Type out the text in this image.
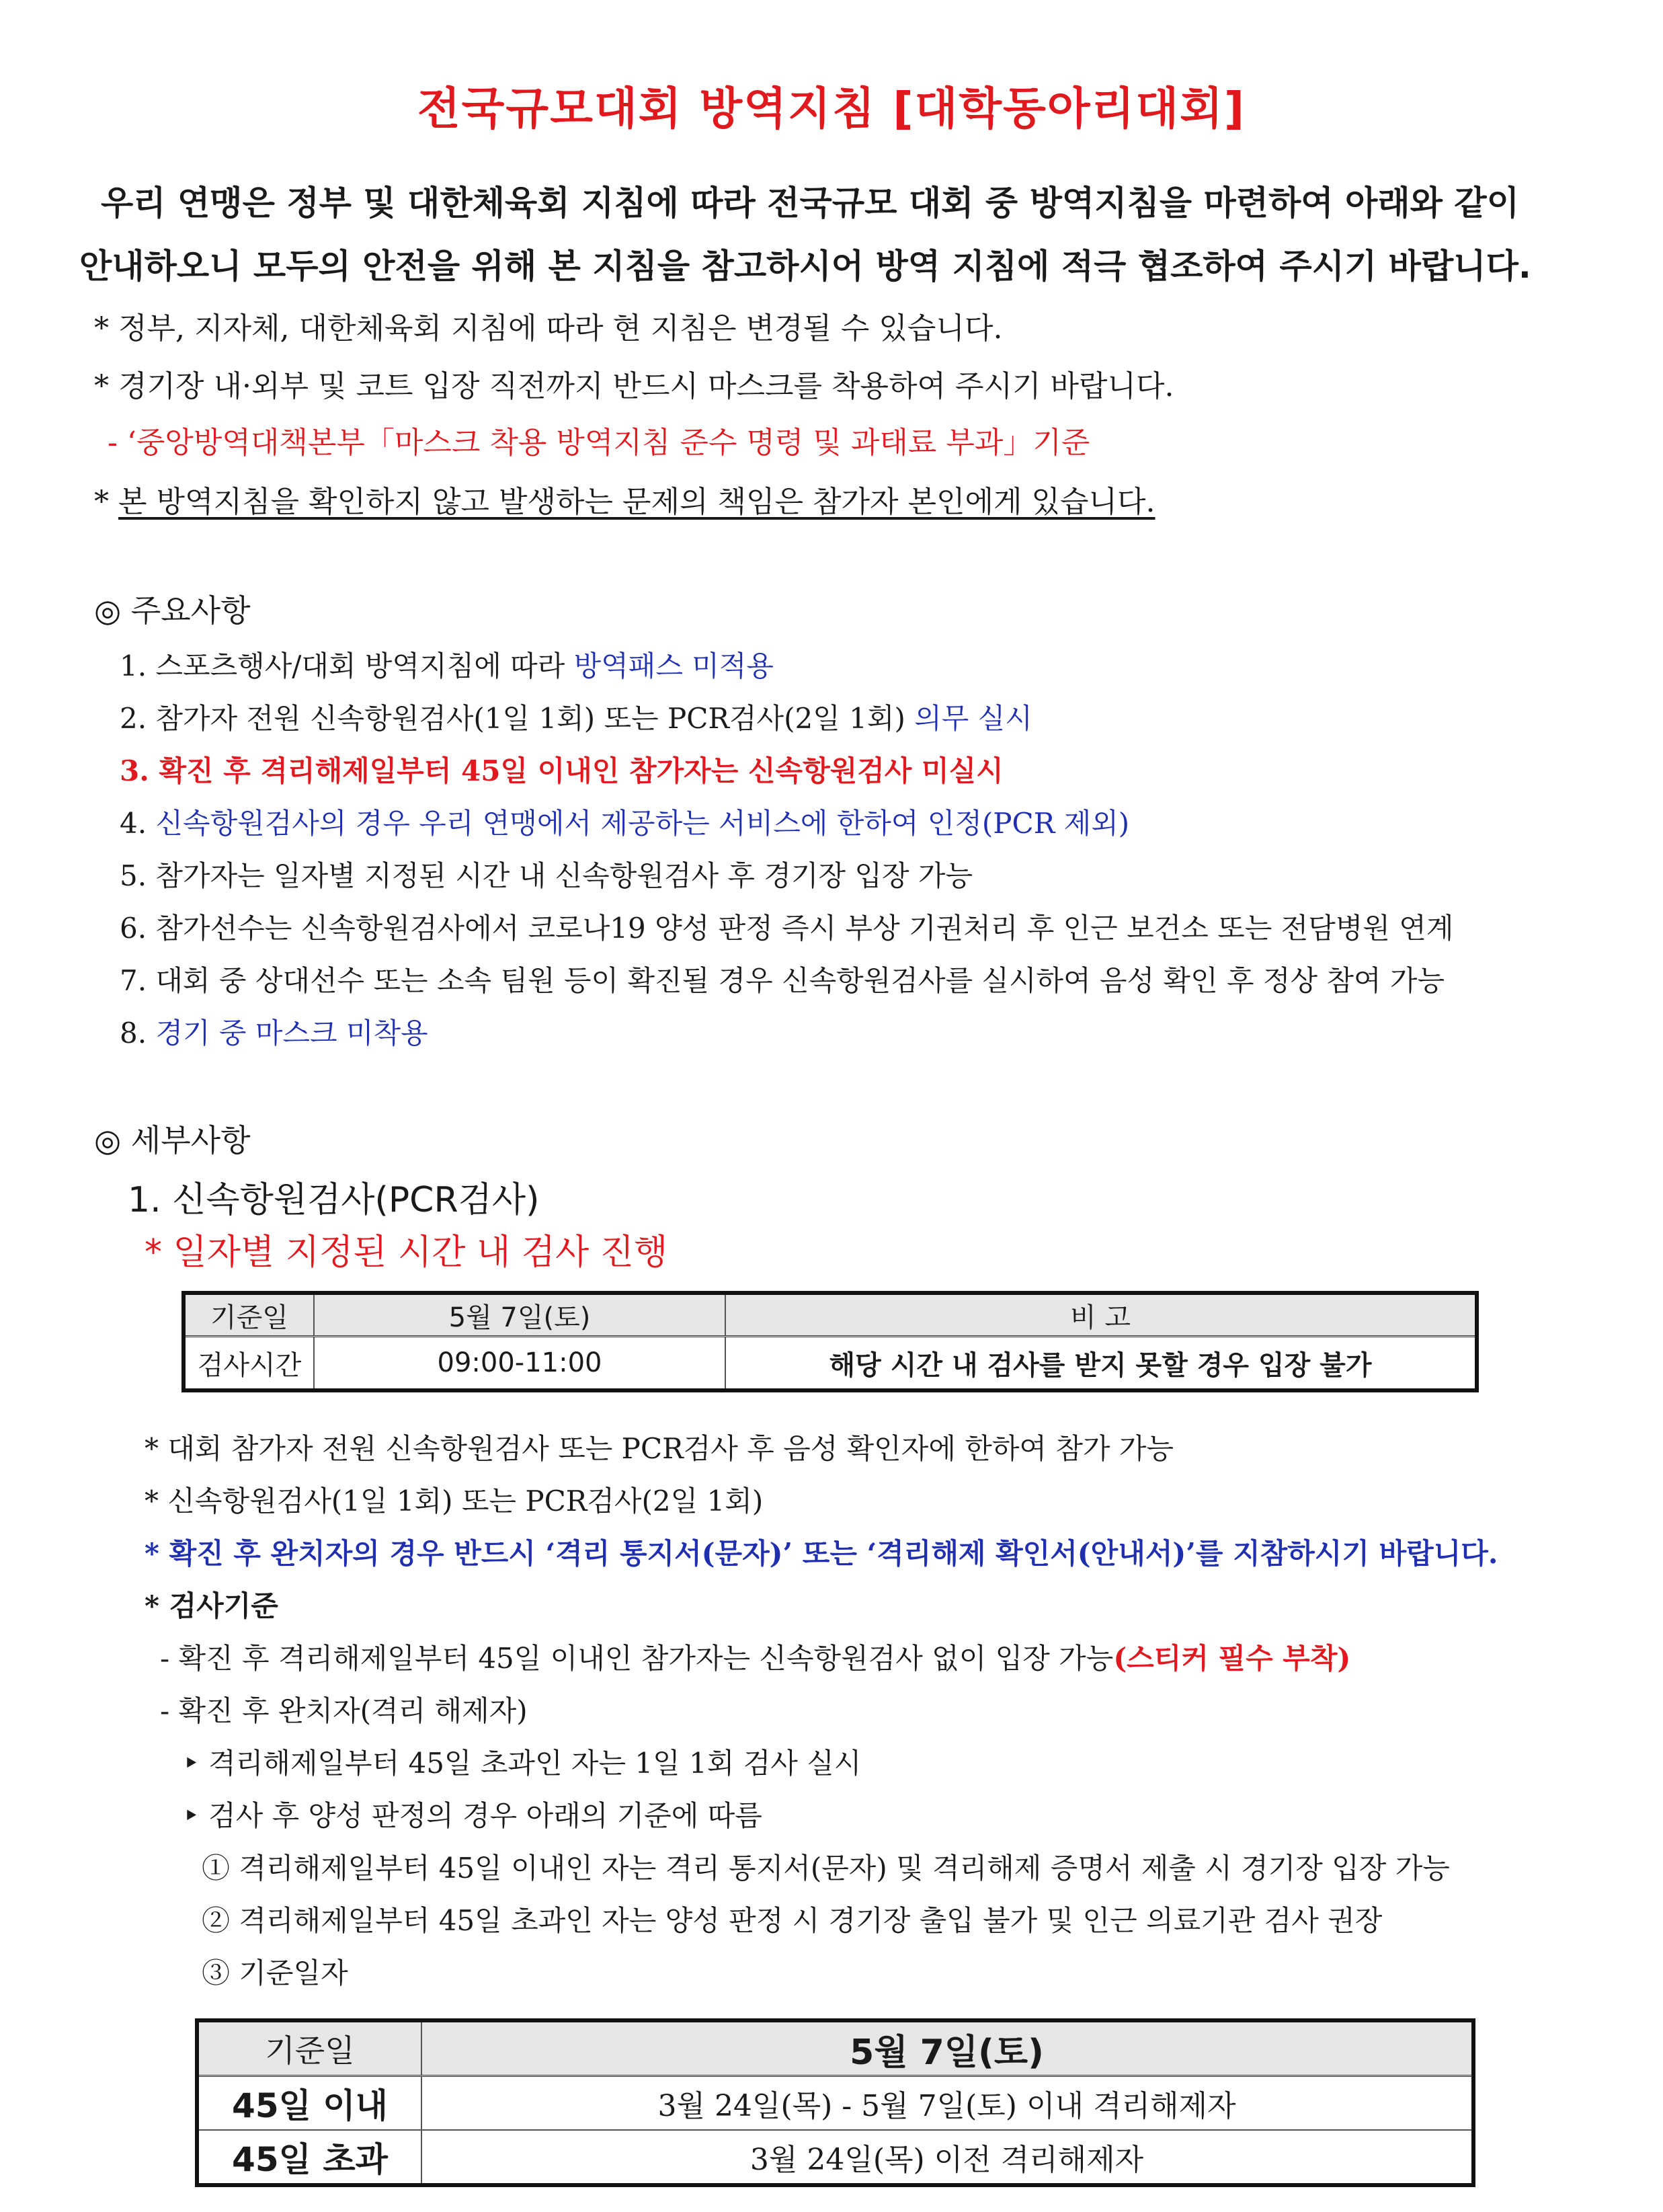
전국규모대회 방역지침 [대학동아리대회]
우리 연맹은 정부 및 대한체육회 지침에 따라 전국규모 대회 중 방역지침을 마련하여 아래와 같이
안내하오니 모두의 안전을 위해 본 지침을 참고하시어 방역 지침에 적극 협조하여 주시기 바랍니다.
* 정부, 지자체, 대한체육회 지침에 따라 현 지침은 변경될 수 있습니다.
* 경기장 내·외부 및 코트 입장 직전까지 반드시 마스크를 착용하여 주시기 바랍니다.
- ‘중앙방역대책본부「마스크 착용 방역지침 준수 명령 및 과태료 부과」기준
* 본 방역지침을 확인하지 않고 발생하는 문제의 책임은 참가자 본인에게 있습니다.
◎ 주요사항
1. 스포츠행사/대회 방역지침에 따라 방역패스 미적용
2. 참가자 전원 신속항원검사(1일 1회) 또는 PCR검사(2일 1회) 의무 실시
3. 확진 후 격리해제일부터 45일 이내인 참가자는 신속항원검사 미실시
4. 신속항원검사의 경우 우리 연맹에서 제공하는 서비스에 한하여 인정(PCR 제외)
5. 참가자는 일자별 지정된 시간 내 신속항원검사 후 경기장 입장 가능
6. 참가선수는 신속항원검사에서 코로나19 양성 판정 즉시 부상 기권처리 후 인근 보건소 또는 전담병원 연계
7. 대회 중 상대선수 또는 소속 팀원 등이 확진될 경우 신속항원검사를 실시하여 음성 확인 후 정상 참여 가능
8. 경기 중 마스크 미착용
◎ 세부사항
1. 신속항원검사(PCR검사)
* 일자별 지정된 시간 내 검사 진행
기준일	5월 7일(토)	비 고
검사시간	09:00-11:00	해당 시간 내 검사를 받지 못할 경우 입장 불가
* 대회 참가자 전원 신속항원검사 또는 PCR검사 후 음성 확인자에 한하여 참가 가능
* 신속항원검사(1일 1회) 또는 PCR검사(2일 1회)
* 확진 후 완치자의 경우 반드시 ‘격리 통지서(문자)’ 또는 ‘격리해제 확인서(안내서)’를 지참하시기 바랍니다.
* 검사기준
- 확진 후 격리해제일부터 45일 이내인 참가자는 신속항원검사 없이 입장 가능(스티커 필수 부착)
- 확진 후 완치자(격리 해제자)
‣ 격리해제일부터 45일 초과인 자는 1일 1회 검사 실시
‣ 검사 후 양성 판정의 경우 아래의 기준에 따름
① 격리해제일부터 45일 이내인 자는 격리 통지서(문자) 및 격리해제 증명서 제출 시 경기장 입장 가능
② 격리해제일부터 45일 초과인 자는 양성 판정 시 경기장 출입 불가 및 인근 의료기관 검사 권장
③ 기준일자
기준일	5월 7일(토)
45일 이내	3월 24일(목) - 5월 7일(토) 이내 격리해제자
45일 초과	3월 24일(목) 이전 격리해제자
